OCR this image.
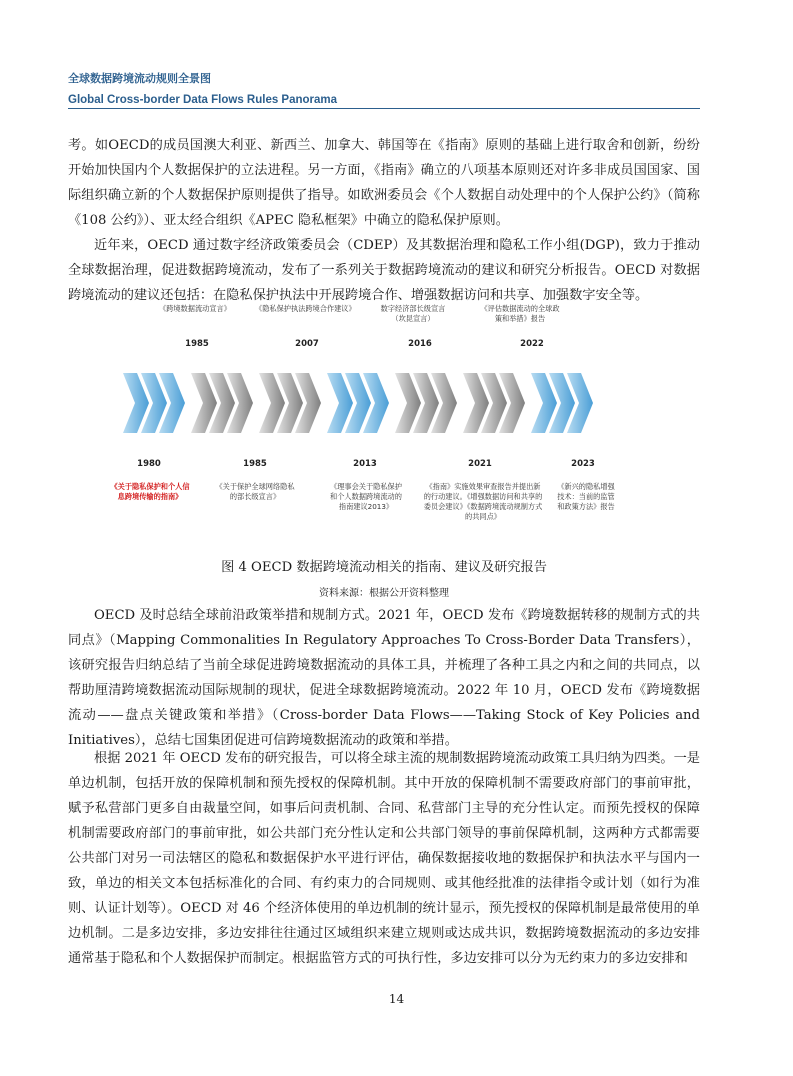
全球数据跨境流动规则全景图
Global Cross-border Data Flows Rules Panorama

考。如OECD的成员国澳大利亚、新西兰、加拿大、韩国等在《指南》原则的基础上进行取舍和创新，纷纷开始加快国内个人数据保护的立法进程。另一方面，《指南》确立的八项基本原则还对许多非成员国国家、国际组织确立新的个人数据保护原则提供了指导。如欧洲委员会《个人数据自动处理中的个人保护公约》（简称《108 公约》）、亚太经合组织《APEC 隐私框架》中确立的隐私保护原则。

近年来，OECD 通过数字经济政策委员会（CDEP）及其数据治理和隐私工作小组(DGP)，致力于推动全球数据治理，促进数据跨境流动，发布了一系列关于数据跨境流动的建议和研究分析报告。OECD 对数据跨境流动的建议还包括：在隐私保护执法中开展跨境合作、增强数据访问和共享、加强数字安全等。

《跨境数据流动宣言》	《隐私保护执法跨境合作建议》	数字经济部长级宣言（坎昆宣言）
《评估数据流动的全球政策和举措》报告
1985	2007	2016	2022
1980	1985	2013	2021	2023
《关于隐私保护和个人信息跨境传输的指南》
《关于保护全球网络隐私的部长级宣言》
《理事会关于隐私保护和个人数据跨境流动的指南建议2013》
《指南》实施效果审查报告并提出新的行动建议。《增强数据访问和共享的委员会建议》《数据跨境流动规制方式的共同点》
《新兴的隐私增强技术：当前的监管和政策方法》报告
图 4 OECD 数据跨境流动相关的指南、建议及研究报告
资料来源：根据公开资料整理

OECD 及时总结全球前沿政策举措和规制方式。2021 年，OECD 发布《跨境数据转移的规制方式的共同点》（Mapping Commonalities In Regulatory Approaches To Cross-Border Data Transfers），该研究报告归纳总结了当前全球促进跨境数据流动的具体工具，并梳理了各种工具之内和之间的共同点，以帮助厘清跨境数据流动国际规制的现状，促进全球数据跨境流动。2022 年 10 月，OECD 发布《跨境数据流动——盘点关键政策和举措》（Cross-border Data Flows——Taking Stock of Key Policies and Initiatives），总结七国集团促进可信跨境数据流动的政策和举措。

根据 2021 年 OECD 发布的研究报告，可以将全球主流的规制数据跨境流动政策工具归纳为四类。一是单边机制，包括开放的保障机制和预先授权的保障机制。其中开放的保障机制不需要政府部门的事前审批，赋予私营部门更多自由裁量空间，如事后问责机制、合同、私营部门主导的充分性认定。而预先授权的保障机制需要政府部门的事前审批，如公共部门充分性认定和公共部门领导的事前保障机制，这两种方式都需要公共部门对另一司法辖区的隐私和数据保护水平进行评估，确保数据接收地的数据保护和执法水平与国内一致，单边的相关文本包括标准化的合同、有约束力的合同规则、或其他经批准的法律指令或计划（如行为准则、认证计划等）。OECD 对 46 个经济体使用的单边机制的统计显示，预先授权的保障机制是最常使用的单边机制。二是多边安排，多边安排往往通过区域组织来建立规则或达成共识，数据跨境数据流动的多边安排通常基于隐私和个人数据保护而制定。根据监管方式的可执行性，多边安排可以分为无约束力的多边安排和

14
